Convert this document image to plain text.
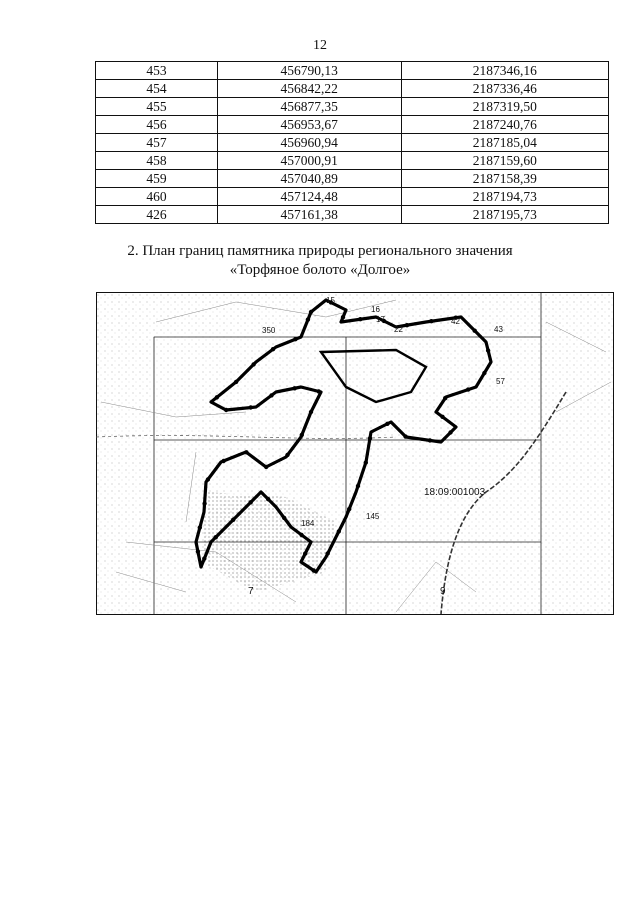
12
453	456790,13	2187346,16
454	456842,22	2187336,46
455	456877,35	2187319,50
456	456953,67	2187240,76
457	456960,94	2187185,04
458	457000,91	2187159,60
459	457040,89	2187158,39
460	457124,48	2187194,73
426	457161,38	2187195,73
2. План границ памятника природы регионального значения
«Торфяное болото «Долгое»
18:09:001003
7	9
15
16
17
22
42
43
57
145
184
350
